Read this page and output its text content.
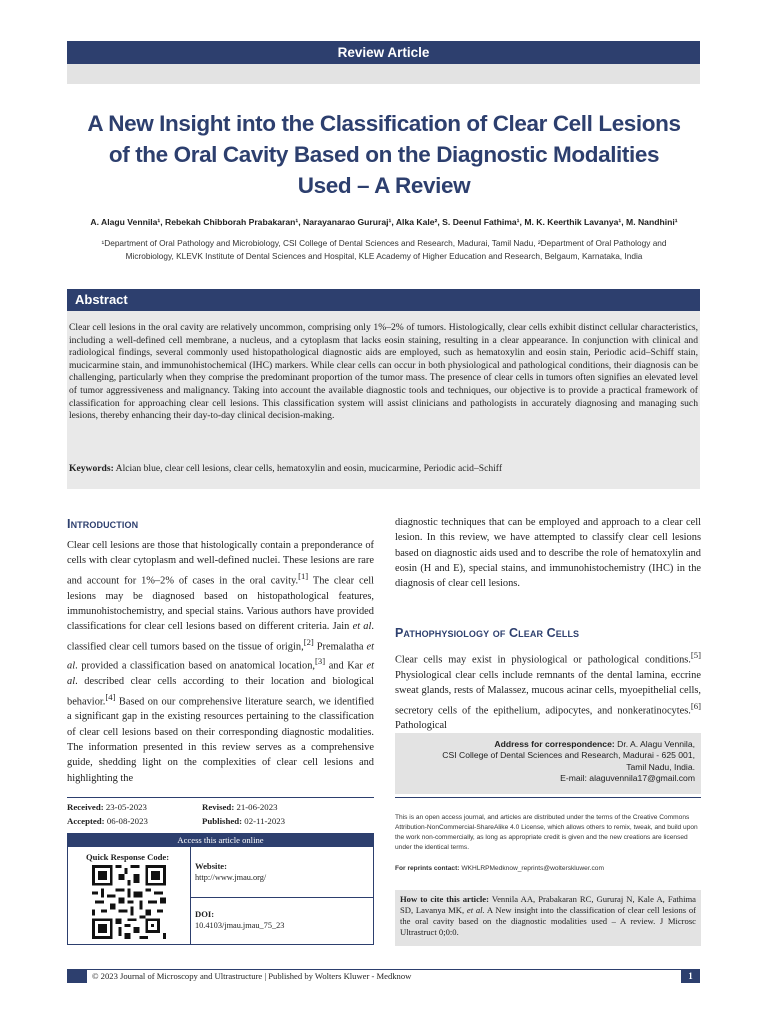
Review Article
A New Insight into the Classification of Clear Cell Lesions of the Oral Cavity Based on the Diagnostic Modalities Used – A Review
A. Alagu Vennila¹, Rebekah Chibborah Prabakaran¹, Narayanarao Gururaj¹, Alka Kale², S. Deenul Fathima¹, M. K. Keerthik Lavanya¹, M. Nandhini¹
¹Department of Oral Pathology and Microbiology, CSI College of Dental Sciences and Research, Madurai, Tamil Nadu, ²Department of Oral Pathology and Microbiology, KLEVK Institute of Dental Sciences and Hospital, KLE Academy of Higher Education and Research, Belgaum, Karnataka, India
Abstract

Clear cell lesions in the oral cavity are relatively uncommon, comprising only 1%–2% of tumors. Histologically, clear cells exhibit distinct cellular characteristics, including a well-defined cell membrane, a nucleus, and a cytoplasm that lacks eosin staining, resulting in a clear appearance. In conjunction with clinical and radiological findings, several commonly used histopathological diagnostic aids are employed, such as hematoxylin and eosin stain, Periodic acid–Schiff stain, mucicarmine stain, and immunohistochemical (IHC) markers. While clear cells can occur in both physiological and pathological conditions, their diagnosis can be challenging, particularly when they comprise the predominant proportion of the tumor mass. The presence of clear cells in tumors often signifies an elevated level of tumor aggressiveness and malignancy. Taking into account the available diagnostic tools and techniques, our objective is to provide a practical framework of classification for approaching clear cell lesions. This classification system will assist clinicians and pathologists in accurately diagnosing and managing such lesions, thereby enhancing their day-to-day clinical decision-making.

Keywords: Alcian blue, clear cell lesions, clear cells, hematoxylin and eosin, mucicarmine, Periodic acid–Schiff

Introduction

Clear cell lesions are those that histologically contain a preponderance of cells with clear cytoplasm and well-defined nuclei. These lesions are rare and account for 1%–2% of cases in the oral cavity.[1] The clear cell lesions may be diagnosed based on histopathological features, immunohistochemistry, and special stains. Various authors have provided classifications for clear cell lesions based on different criteria. Jain et al. classified clear cell tumors based on the tissue of origin,[2] Premalatha et al. provided a classification based on anatomical location,[3] and Kar et al. described clear cells according to their location and biological behavior.[4] Based on our comprehensive literature search, we identified a significant gap in the existing resources pertaining to the classification of clear cell lesions based on their corresponding diagnostic modalities. The information presented in this review serves as a comprehensive guide, shedding light on the complexities of clear cell lesions and highlighting the

diagnostic techniques that can be employed and approach to a clear cell lesion. In this review, we have attempted to classify clear cell lesions based on diagnostic aids used and to describe the role of hematoxylin and eosin (H and E), special stains, and immunohistochemistry (IHC) in the diagnosis of clear cell lesions.

Pathophysiology of Clear Cells

Clear cells may exist in physiological or pathological conditions.[5] Physiological clear cells include remnants of the dental lamina, eccrine sweat glands, rests of Malassez, mucous acinar cells, myoepithelial cells, secretory cells of the epithelium, adipocytes, and nonkeratinocytes.[6] Pathological

Address for correspondence: Dr. A. Alagu Vennila,
CSI College of Dental Sciences and Research, Madurai - 625 001,
Tamil Nadu, India.
E-mail: alaguvennila17@gmail.com
Received: 23-05-2023	Revised: 21-06-2023
Accepted: 06-08-2023	Published: 02-11-2023
Access this article online
Quick Response Code:
Website:
http://www.jmau.org/
DOI:
10.4103/jmau.jmau_75_23

This is an open access journal, and articles are distributed under the terms of the Creative Commons Attribution-NonCommercial-ShareAlike 4.0 License, which allows others to remix, tweak, and build upon the work non-commercially, as long as appropriate credit is given and the new creations are licensed under the identical terms.

For reprints contact: WKHLRPMedknow_reprints@wolterskluwer.com

How to cite this article: Vennila AA, Prabakaran RC, Gururaj N, Kale A, Fathima SD, Lavanya MK, et al. A New insight into the classification of clear cell lesions of the oral cavity based on the diagnostic modalities used – A review. J Microsc Ultrastruct 0;0:0.

© 2023 Journal of Microscopy and Ultrastructure | Published by Wolters Kluwer - Medknow	1
